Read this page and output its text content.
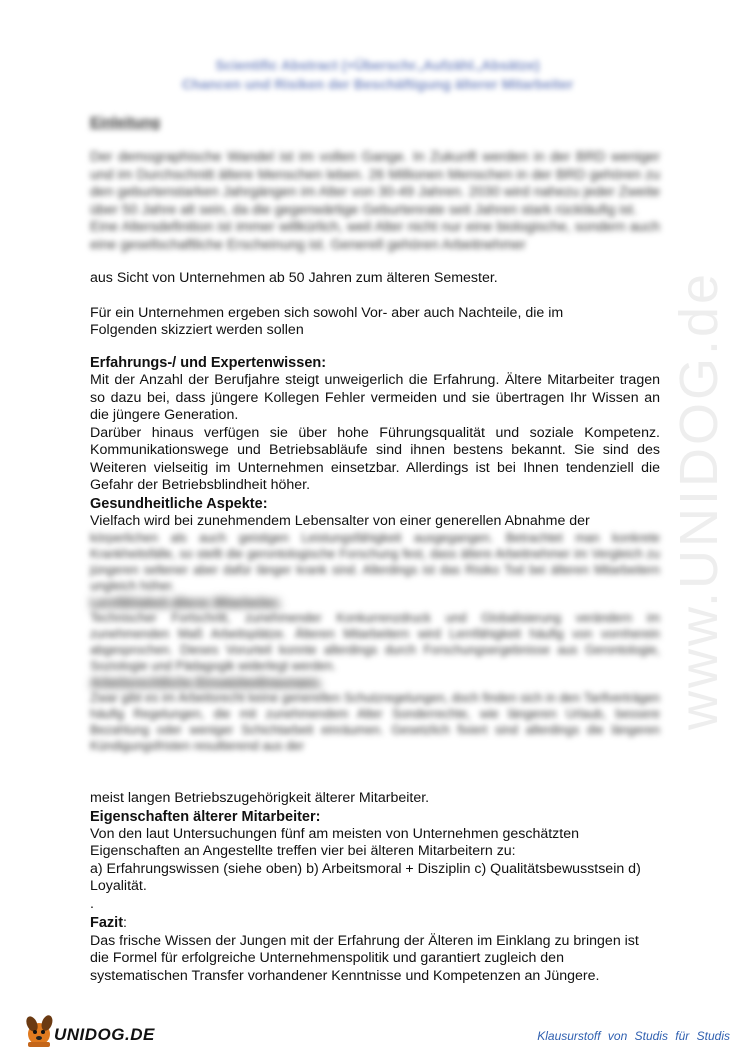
www.UNIDOG.de
Scientific Abstract (+Überschr.,Aufzähl.,Absätze)
Chancen und Risiken der Beschäftigung älterer Mitarbeiter
Einleitung

Der demographische Wandel ist im vollen Gange. In Zukunft werden in der BRD weniger und im Durchschnitt ältere Menschen leben. 26 Millionen Menschen in der BRD gehören zu den geburtenstarken Jahrgängen im Alter von 30-49 Jahren. 2030 wird nahezu jeder Zweite über 50 Jahre alt sein, da die gegenwärtige Geburtenrate seit Jahren stark rückläufig ist.

Eine Altersdefinition ist immer willkürlich, weil Alter nicht nur eine biologische, sondern auch eine gesellschaftliche Erscheinung ist. Generell gehören Arbeitnehmer

aus Sicht von Unternehmen ab 50 Jahren zum älteren Semester.

Für ein Unternehmen ergeben sich sowohl Vor- aber auch Nachteile, die im Folgenden skizziert werden sollen

Erfahrungs-/ und Expertenwissen:

Mit der Anzahl der Berufjahre steigt unweigerlich die Erfahrung. Ältere Mitarbeiter tragen so dazu bei, dass jüngere Kollegen Fehler vermeiden und sie übertragen Ihr Wissen an die jüngere Generation.

Darüber hinaus verfügen sie über hohe Führungsqualität und soziale Kompetenz. Kommunikationswege und Betriebsabläufe sind ihnen bestens bekannt. Sie sind des Weiteren vielseitig im Unternehmen einsetzbar. Allerdings ist bei Ihnen tendenziell die Gefahr der Betriebsblindheit höher.

Gesundheitliche Aspekte:

Vielfach wird bei zunehmendem Lebensalter von einer generellen Abnahme der

körperlichen als auch geistigen Leistungsfähigkeit ausgegangen. Betrachtet man konkrete Krankheitsfälle, so stellt die gerontologische Forschung fest, dass ältere Arbeitnehmer im Vergleich zu jüngeren seltener aber dafür länger krank sind. Allerdings ist das Risiko Tod bei älteren Mitarbeitern ungleich höher.

Lernfähigkeit älterer Mitarbeiter:

Technischer Fortschritt, zunehmender Konkurrenzdruck und Globalisierung verändern im zunehmenden Maß Arbeitsplätze. Älteren Mitarbeitern wird Lernfähigkeit häufig von vornherein abgesprochen. Dieses Vorurteil konnte allerdings durch Forschungsergebnisse aus Gerontologie, Soziologie und Pädagogik widerlegt werden.

Arbeitsrechtliche Einsatzbedingungen:

Zwar gibt es im Arbeitsrecht keine generellen Schutzregelungen, doch finden sich in den Tarifverträgen häufig Regelungen, die mit zunehmendem Alter Sonderrechte, wie längeren Urlaub, bessere Bezahlung oder weniger Schichtarbeit einräumen. Gesetzlich fixiert sind allerdings die längeren Kündigungsfristen resultierend aus der

meist langen Betriebszugehörigkeit älterer Mitarbeiter.

Eigenschaften älterer Mitarbeiter:

Von den laut Untersuchungen fünf am meisten von Unternehmen geschätzten Eigenschaften an Angestellte treffen vier bei älteren Mitarbeitern zu:

a) Erfahrungswissen (siehe oben) b) Arbeitsmoral + Disziplin c) Qualitätsbewusstsein d) Loyalität.

.

Fazit:

Das frische Wissen der Jungen mit der Erfahrung der Älteren im Einklang zu bringen ist die Formel für erfolgreiche Unternehmenspolitik und garantiert zugleich den systematischen Transfer vorhandener Kenntnisse und Kompetenzen an Jüngere.

UNIDOG.DE	Klausurstoff von Studis für Studis
